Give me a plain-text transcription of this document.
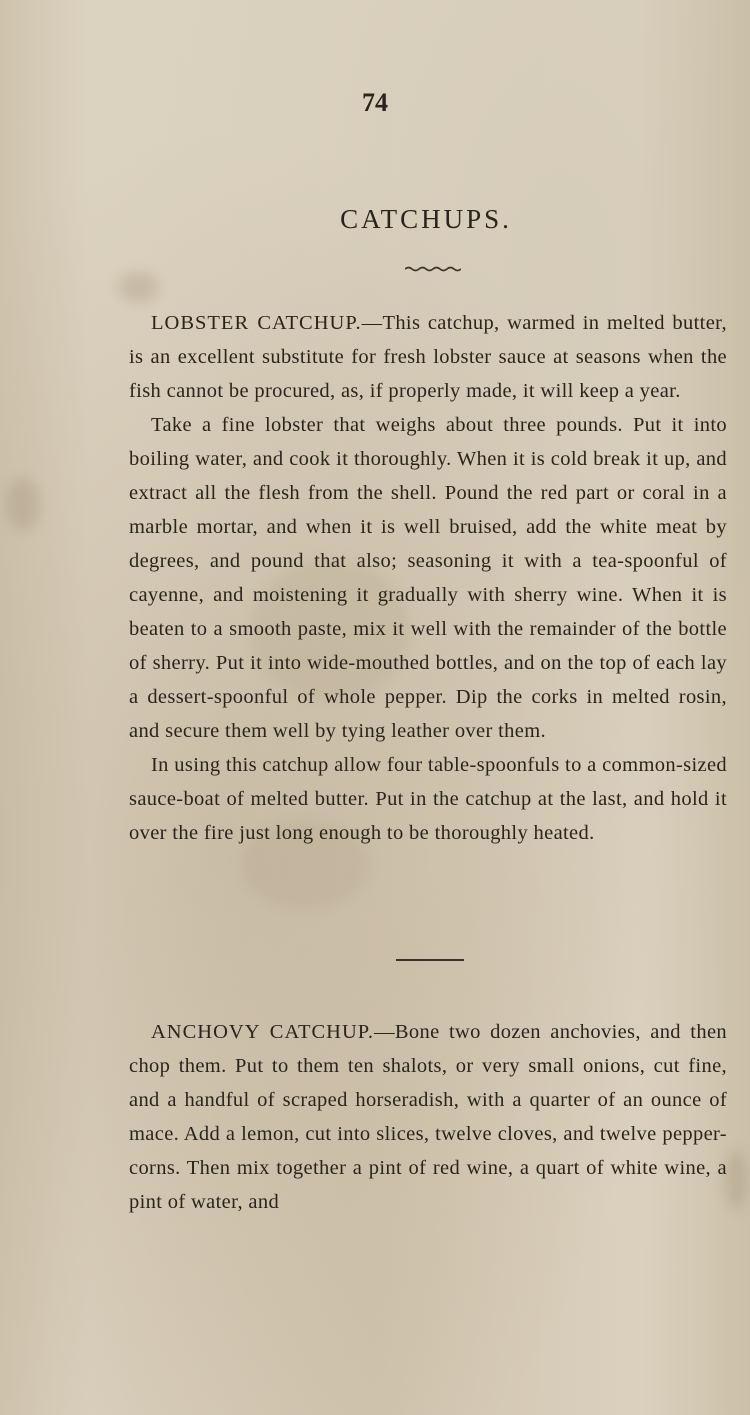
74
CATCHUPS.

LOBSTER CATCHUP.—This catchup, warmed in melted butter, is an excellent substitute for fresh lobster sauce at seasons when the fish cannot be procured, as, if properly made, it will keep a year.

Take a fine lobster that weighs about three pounds. Put it into boiling water, and cook it thoroughly. When it is cold break it up, and extract all the flesh from the shell. Pound the red part or coral in a marble mortar, and when it is well bruised, add the white meat by degrees, and pound that also; seasoning it with a tea-spoonful of cayenne, and moistening it gradually with sherry wine. When it is beaten to a smooth paste, mix it well with the remainder of the bottle of sherry. Put it into wide-mouthed bottles, and on the top of each lay a dessert-spoonful of whole pepper. Dip the corks in melted rosin, and secure them well by tying leather over them.

In using this catchup allow four table-spoonfuls to a common-sized sauce-boat of melted butter. Put in the catchup at the last, and hold it over the fire just long enough to be thoroughly heated.

ANCHOVY CATCHUP.—Bone two dozen anchovies, and then chop them. Put to them ten shalots, or very small onions, cut fine, and a handful of scraped horseradish, with a quarter of an ounce of mace. Add a lemon, cut into slices, twelve cloves, and twelve pepper-corns. Then mix together a pint of red wine, a quart of white wine, a pint of water, and
